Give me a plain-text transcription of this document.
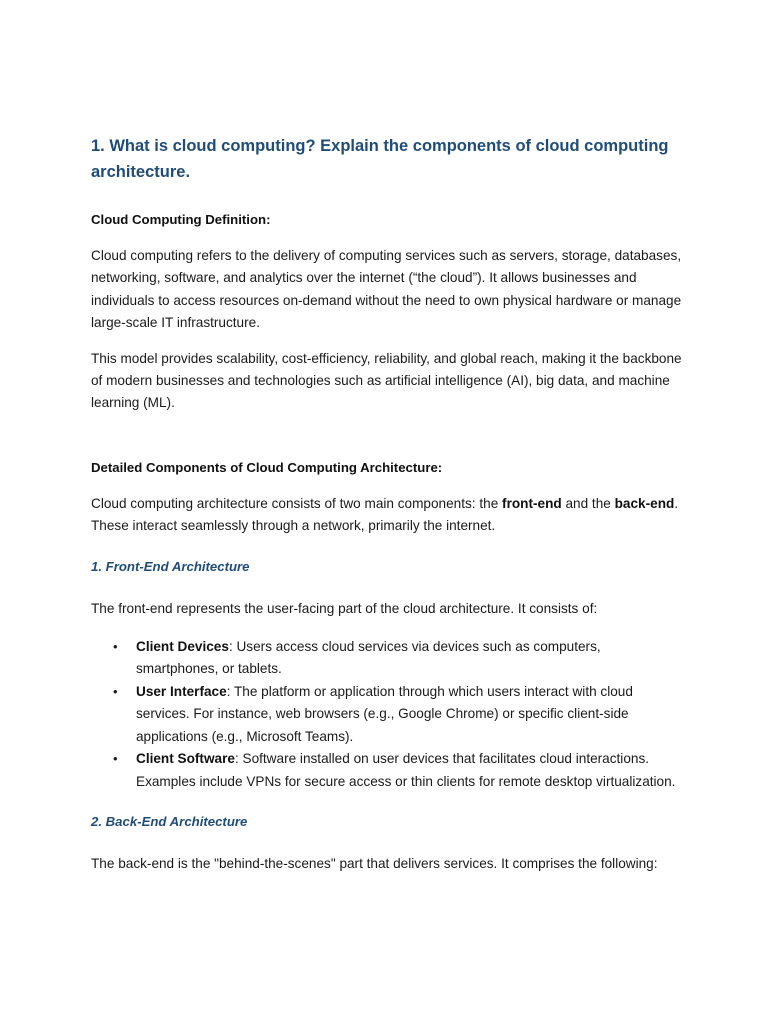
1. What is cloud computing? Explain the components of cloud computing architecture.

Cloud Computing Definition:

Cloud computing refers to the delivery of computing services such as servers, storage, databases, networking, software, and analytics over the internet (“the cloud”). It allows businesses and individuals to access resources on-demand without the need to own physical hardware or manage large-scale IT infrastructure.

This model provides scalability, cost-efficiency, reliability, and global reach, making it the backbone of modern businesses and technologies such as artificial intelligence (AI), big data, and machine learning (ML).

Detailed Components of Cloud Computing Architecture:

Cloud computing architecture consists of two main components: the front-end and the back-end. These interact seamlessly through a network, primarily the internet.

1. Front-End Architecture

The front-end represents the user-facing part of the cloud architecture. It consists of:

• Client Devices: Users access cloud services via devices such as computers, smartphones, or tablets.
• User Interface: The platform or application through which users interact with cloud services. For instance, web browsers (e.g., Google Chrome) or specific client-side applications (e.g., Microsoft Teams).
• Client Software: Software installed on user devices that facilitates cloud interactions. Examples include VPNs for secure access or thin clients for remote desktop virtualization.

2. Back-End Architecture

The back-end is the "behind-the-scenes" part that delivers services. It comprises the following:
